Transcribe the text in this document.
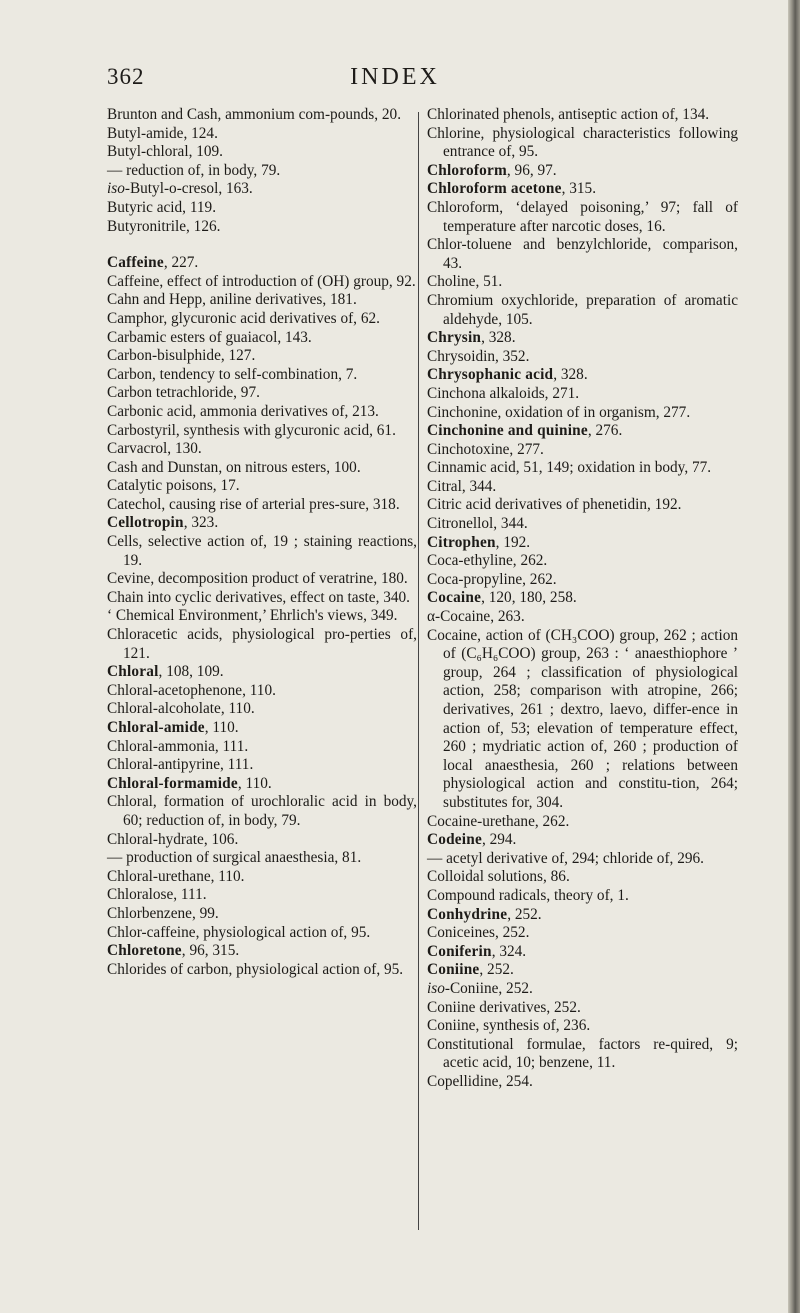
362	INDEX
Brunton and Cash, ammonium com-pounds, 20.
Butyl-amide, 124.
Butyl-chloral, 109.
— reduction of, in body, 79.
iso-Butyl-o-cresol, 163.
Butyric acid, 119.
Butyronitrile, 126.
Caffeine, 227.
Caffeine, effect of introduction of (OH) group, 92.
Cahn and Hepp, aniline derivatives, 181.
Camphor, glycuronic acid derivatives of, 62.
Carbamic esters of guaiacol, 143.
Carbon-bisulphide, 127.
Carbon, tendency to self-combination, 7.
Carbon tetrachloride, 97.
Carbonic acid, ammonia derivatives of, 213.
Carbostyril, synthesis with glycuronic acid, 61.
Carvacrol, 130.
Cash and Dunstan, on nitrous esters, 100.
Catalytic poisons, 17.
Catechol, causing rise of arterial pres-sure, 318.
Cellotropin, 323.
Cells, selective action of, 19 ; staining reactions, 19.
Cevine, decomposition product of veratrine, 180.
Chain into cyclic derivatives, effect on taste, 340.
‘ Chemical Environment,’ Ehrlich's views, 349.
Chloracetic acids, physiological pro-perties of, 121.
Chloral, 108, 109.
Chloral-acetophenone, 110.
Chloral-alcoholate, 110.
Chloral-amide, 110.
Chloral-ammonia, 111.
Chloral-antipyrine, 111.
Chloral-formamide, 110.
Chloral, formation of urochloralic acid in body, 60; reduction of, in body, 79.
Chloral-hydrate, 106.
— production of surgical anaesthesia, 81.
Chloral-urethane, 110.
Chloralose, 111.
Chlorbenzene, 99.
Chlor-caffeine, physiological action of, 95.
Chloretone, 96, 315.
Chlorides of carbon, physiological action of, 95.
Chlorinated phenols, antiseptic action of, 134.
Chlorine, physiological characteristics following entrance of, 95.
Chloroform, 96, 97.
Chloroform acetone, 315.
Chloroform, ‘delayed poisoning,’ 97; fall of temperature after narcotic doses, 16.
Chlor-toluene and benzylchloride, comparison, 43.
Choline, 51.
Chromium oxychloride, preparation of aromatic aldehyde, 105.
Chrysin, 328.
Chrysoidin, 352.
Chrysophanic acid, 328.
Cinchona alkaloids, 271.
Cinchonine, oxidation of in organism, 277.
Cinchonine and quinine, 276.
Cinchotoxine, 277.
Cinnamic acid, 51, 149; oxidation in body, 77.
Citral, 344.
Citric acid derivatives of phenetidin, 192.
Citronellol, 344.
Citrophen, 192.
Coca-ethyline, 262.
Coca-propyline, 262.
Cocaine, 120, 180, 258.
α-Cocaine, 263.
Cocaine, action of (CH₃COO) group, 262 ; action of (C₆H₆COO) group, 263 : ‘ anaesthiophore ’ group, 264 ; classification of physiological action, 258; comparison with atropine, 266; derivatives, 261 ; dextro, laevo, differ-ence in action of, 53; elevation of temperature effect, 260 ; mydriatic action of, 260 ; production of local anaesthesia, 260 ; relations between physiological action and constitu-tion, 264; substitutes for, 304.
Cocaine-urethane, 262.
Codeine, 294.
— acetyl derivative of, 294; chloride of, 296.
Colloidal solutions, 86.
Compound radicals, theory of, 1.
Conhydrine, 252.
Coniceines, 252.
Coniferin, 324.
Coniine, 252.
iso-Coniine, 252.
Coniine derivatives, 252.
Coniine, synthesis of, 236.
Constitutional formulae, factors re-quired, 9; acetic acid, 10; benzene, 11.
Copellidine, 254.
